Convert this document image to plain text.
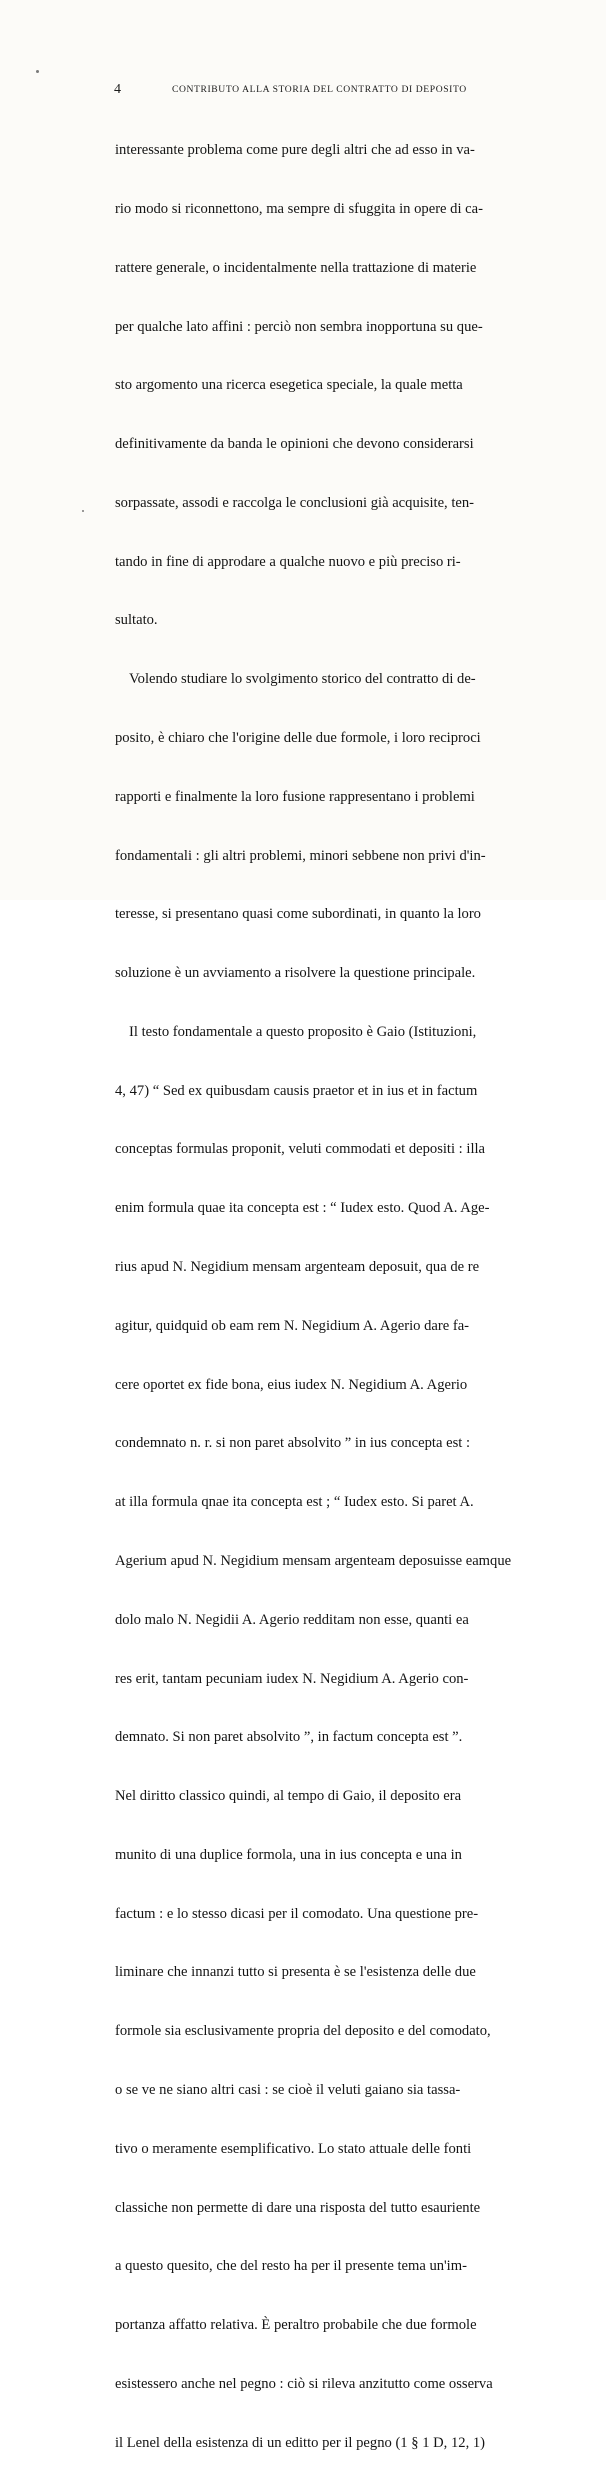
4	CONTRIBUTO ALLA STORIA DEL CONTRATTO DI DEPOSITO

interessante problema come pure degli altri che ad esso in va-

rio modo si riconnettono, ma sempre di sfuggita in opere di ca-

rattere generale, o incidentalmente nella trattazione di materie

per qualche lato affini : perciò non sembra inopportuna su que-

sto argomento una ricerca esegetica speciale, la quale metta

definitivamente da banda le opinioni che devono considerarsi

sorpassate, assodi e raccolga le conclusioni già acquisite, ten-

tando in fine di approdare a qualche nuovo e più preciso ri-

sultato.

Volendo studiare lo svolgimento storico del contratto di de-

posito, è chiaro che l'origine delle due formole, i loro reciproci

rapporti e finalmente la loro fusione rappresentano i problemi

fondamentali : gli altri problemi, minori sebbene non privi d'in-

teresse, si presentano quasi come subordinati, in quanto la loro

soluzione è un avviamento a risolvere la questione principale.

Il testo fondamentale a questo proposito è Gaio (Istituzioni,

4, 47) “ Sed ex quibusdam causis praetor et in ius et in factum

conceptas formulas proponit, veluti commodati et depositi : illa

enim formula quae ita concepta est : “ Iudex esto. Quod A. Age-

rius apud N. Negidium mensam argenteam deposuit, qua de re

agitur, quidquid ob eam rem N. Negidium A. Agerio dare fa-

cere oportet ex fide bona, eius iudex N. Negidium A. Agerio

condemnato n. r. si non paret absolvito ” in ius concepta est :

at illa formula qnae ita concepta est ; “ Iudex esto. Si paret A.

Agerium apud N. Negidium mensam argenteam deposuisse eamque

dolo malo N. Negidii A. Agerio redditam non esse, quanti ea

res erit, tantam pecuniam iudex N. Negidium A. Agerio con-

demnato. Si non paret absolvito ”, in factum concepta est ”.

Nel diritto classico quindi, al tempo di Gaio, il deposito era

munito di una duplice formola, una in ius concepta e una in

factum : e lo stesso dicasi per il comodato. Una questione pre-

liminare che innanzi tutto si presenta è se l'esistenza delle due

formole sia esclusivamente propria del deposito e del comodato,

o se ve ne siano altri casi : se cioè il veluti gaiano sia tassa-

tivo o meramente esemplificativo. Lo stato attuale delle fonti

classiche non permette di dare una risposta del tutto esauriente

a questo quesito, che del resto ha per il presente tema un'im-

portanza affatto relativa. È peraltro probabile che due formole

esistessero anche nel pegno : ciò si rileva anzitutto come osserva

il Lenel della esistenza di un editto per il pegno (1 § 1 D, 12, 1)
